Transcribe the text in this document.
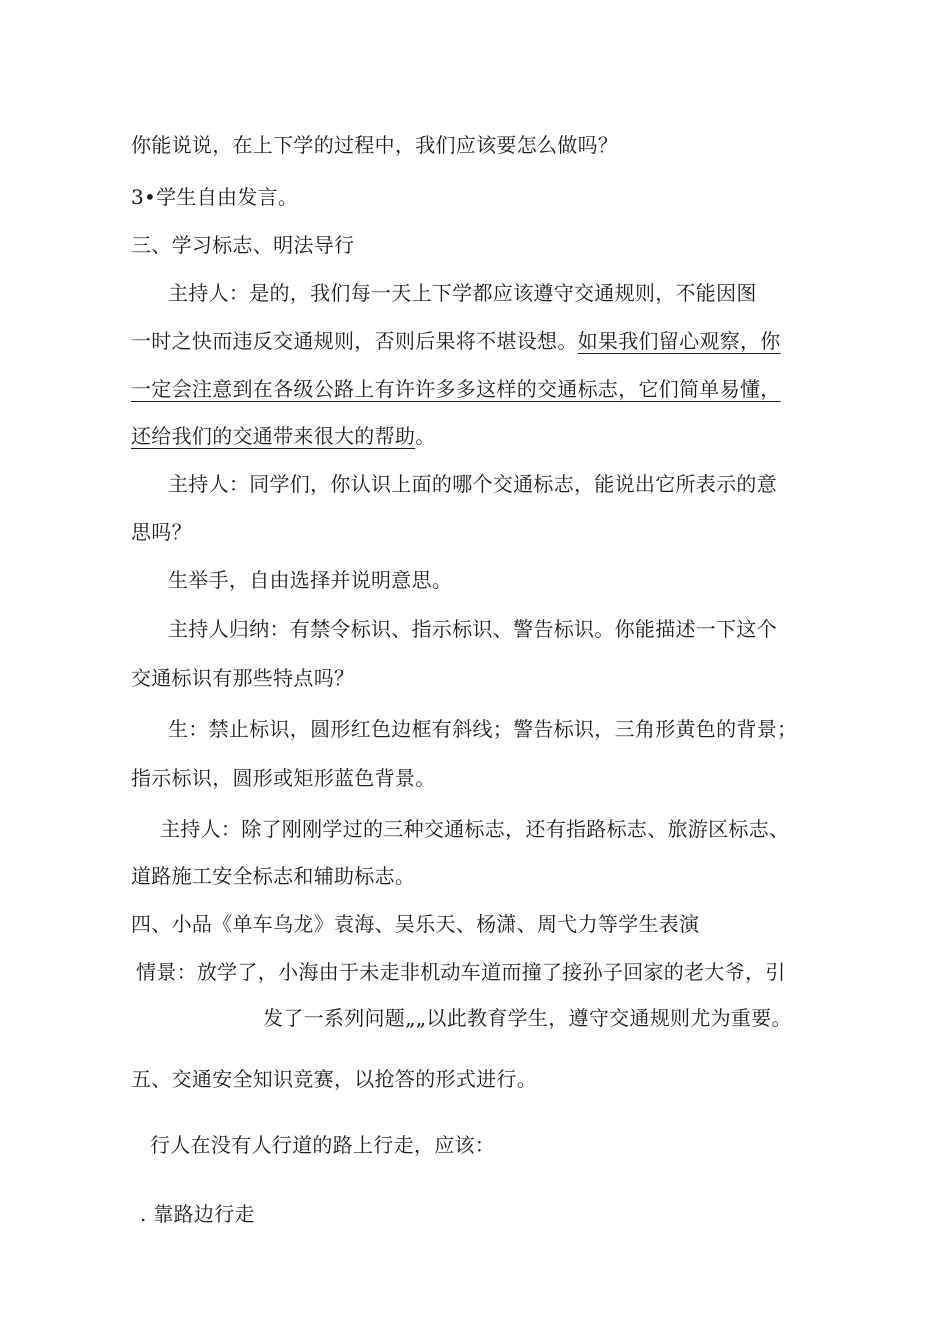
你能说说，在上下学的过程中，我们应该要怎么做吗？
3•学生自由发言。
三、学习标志、明法导行
主持人：是的，我们每一天上下学都应该遵守交通规则，不能因图
一时之快而违反交通规则，否则后果将不堪设想。如果我们留心观察，你
一定会注意到在各级公路上有许许多多这样的交通标志，它们简单易懂，
还给我们的交通带来很大的帮助。
主持人：同学们，你认识上面的哪个交通标志，能说出它所表示的意
思吗？
生举手，自由选择并说明意思。
主持人归纳：有禁令标识、指示标识、警告标识。你能描述一下这个
交通标识有那些特点吗？
生：禁止标识，圆形红色边框有斜线；警告标识，三角形黄色的背景；
指示标识，圆形或矩形蓝色背景。
主持人：除了刚刚学过的三种交通标志，还有指路标志、旅游区标志、
道路施工安全标志和辅助标志。
四、小品《单车乌龙》袁海、吴乐天、杨潇、周弋力等学生表演
情景：放学了，小海由于未走非机动车道而撞了接孙子回家的老大爷，引
发了一系列问题„„以此教育学生，遵守交通规则尤为重要。
五、交通安全知识竞赛，以抢答的形式进行。
行人在没有人行道的路上行走，应该：
. 靠路边行走
